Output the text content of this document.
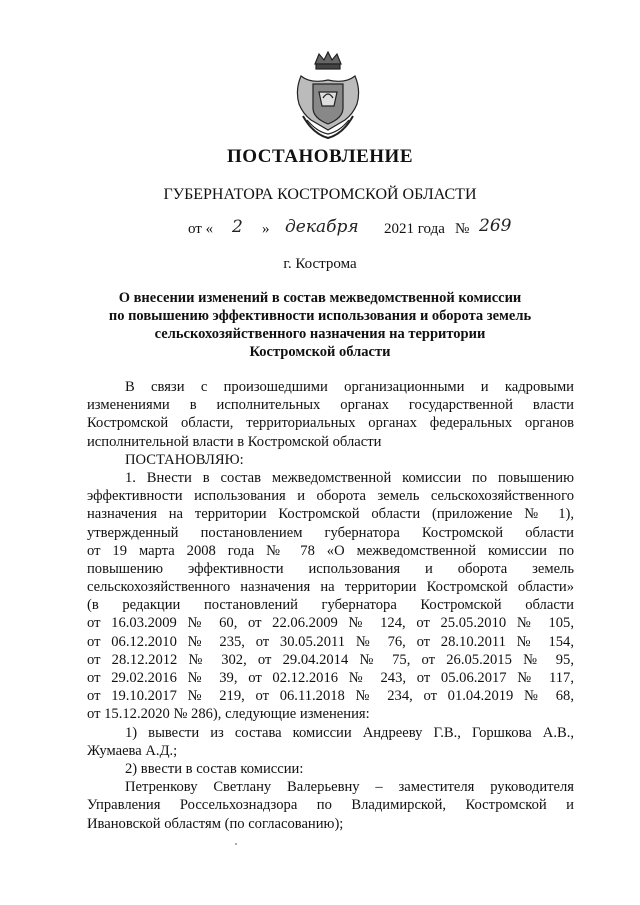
ПОСТАНОВЛЕНИЕ
ГУБЕРНАТОРА КОСТРОМСКОЙ ОБЛАСТИ
от « 2 » декабря 2021 года № 269
г. Кострома
О внесении изменений в состав межведомственной комиссии
по повышению эффективности использования и оборота земель
сельскохозяйственного назначения на территории
Костромской области
В связи с произошедшими организационными и кадровыми
изменениями в исполнительных органах государственной власти
Костромской области, территориальных органах федеральных органов
исполнительной власти в Костромской области
ПОСТАНОВЛЯЮ:
1. Внести в состав межведомственной комиссии по повышению
эффективности использования и оборота земель сельскохозяйственного
назначения на территории Костромской области (приложение № 1),
утвержденный постановлением губернатора Костромской области
от 19 марта 2008 года № 78 «О межведомственной комиссии по
повышению эффективности использования и оборота земель
сельскохозяйственного назначения на территории Костромской области»
(в редакции постановлений губернатора Костромской области
от 16.03.2009 № 60, от 22.06.2009 № 124, от 25.05.2010 № 105,
от 06.12.2010 № 235, от 30.05.2011 № 76, от 28.10.2011 № 154,
от 28.12.2012 № 302, от 29.04.2014 № 75, от 26.05.2015 № 95,
от 29.02.2016 № 39, от 02.12.2016 № 243, от 05.06.2017 № 117,
от 19.10.2017 № 219, от 06.11.2018 № 234, от 01.04.2019 № 68,
от 15.12.2020 № 286), следующие изменения:
1) вывести из состава комиссии Андрееву Г.В., Горшкова А.В.,
Жумаева А.Д.;
2) ввести в состав комиссии:
Петренкову Светлану Валерьевну – заместителя руководителя
Управления Россельхознадзора по Владимирской, Костромской и
Ивановской областям (по согласованию);
